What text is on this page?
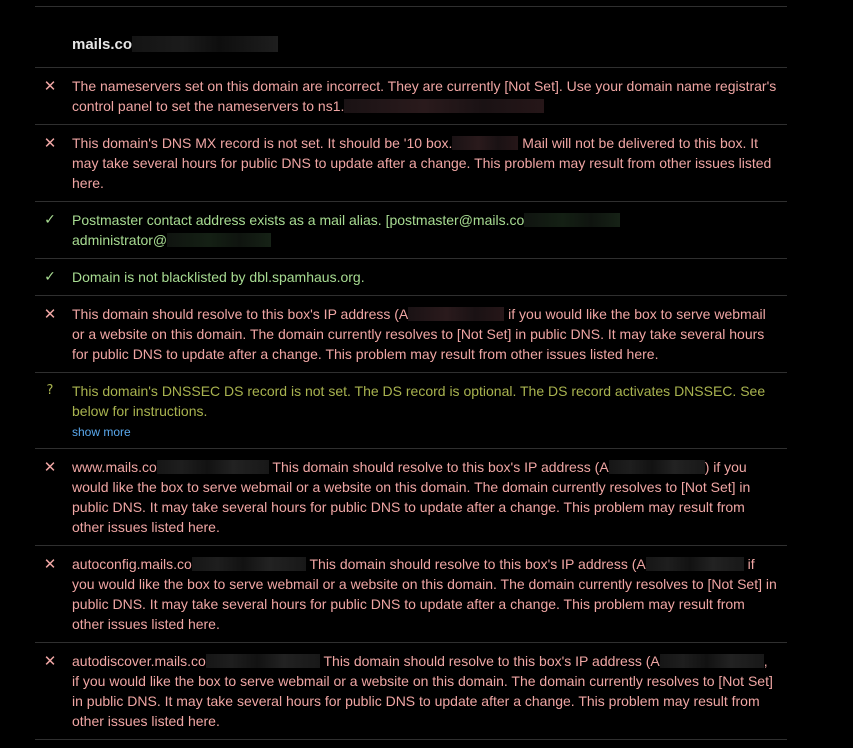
mails.co
✕ The nameservers set on this domain are incorrect. They are currently [Not Set]. Use your domain name registrar's control panel to set the nameservers to ns1.
✕ This domain's DNS MX record is not set. It should be '10 box.	Mail will not be delivered to this box. It may take several hours for public DNS to update after a change. This problem may result from other issues listed here.
✓ Postmaster contact address exists as a mail alias. [postmaster@mails.co
administrator@
✓ Domain is not blacklisted by dbl.spamhaus.org.
✕ This domain should resolve to this box's IP address (A	if you would like the box to serve webmail or a website on this domain. The domain currently resolves to [Not Set] in public DNS. It may take several hours for public DNS to update after a change. This problem may result from other issues listed here.
? This domain's DNSSEC DS record is not set. The DS record is optional. The DS record activates DNSSEC. See below for instructions.
show more
✕ www.mails.co	This domain should resolve to this box's IP address (A	) if you would like the box to serve webmail or a website on this domain. The domain currently resolves to [Not Set] in public DNS. It may take several hours for public DNS to update after a change. This problem may result from other issues listed here.
✕ autoconfig.mails.co	This domain should resolve to this box's IP address (A	if you would like the box to serve webmail or a website on this domain. The domain currently resolves to [Not Set] in public DNS. It may take several hours for public DNS to update after a change. This problem may result from other issues listed here.
✕ autodiscover.mails.co	This domain should resolve to this box's IP address (A	, if you would like the box to serve webmail or a website on this domain. The domain currently resolves to [Not Set] in public DNS. It may take several hours for public DNS to update after a change. This problem may result from other issues listed here.
